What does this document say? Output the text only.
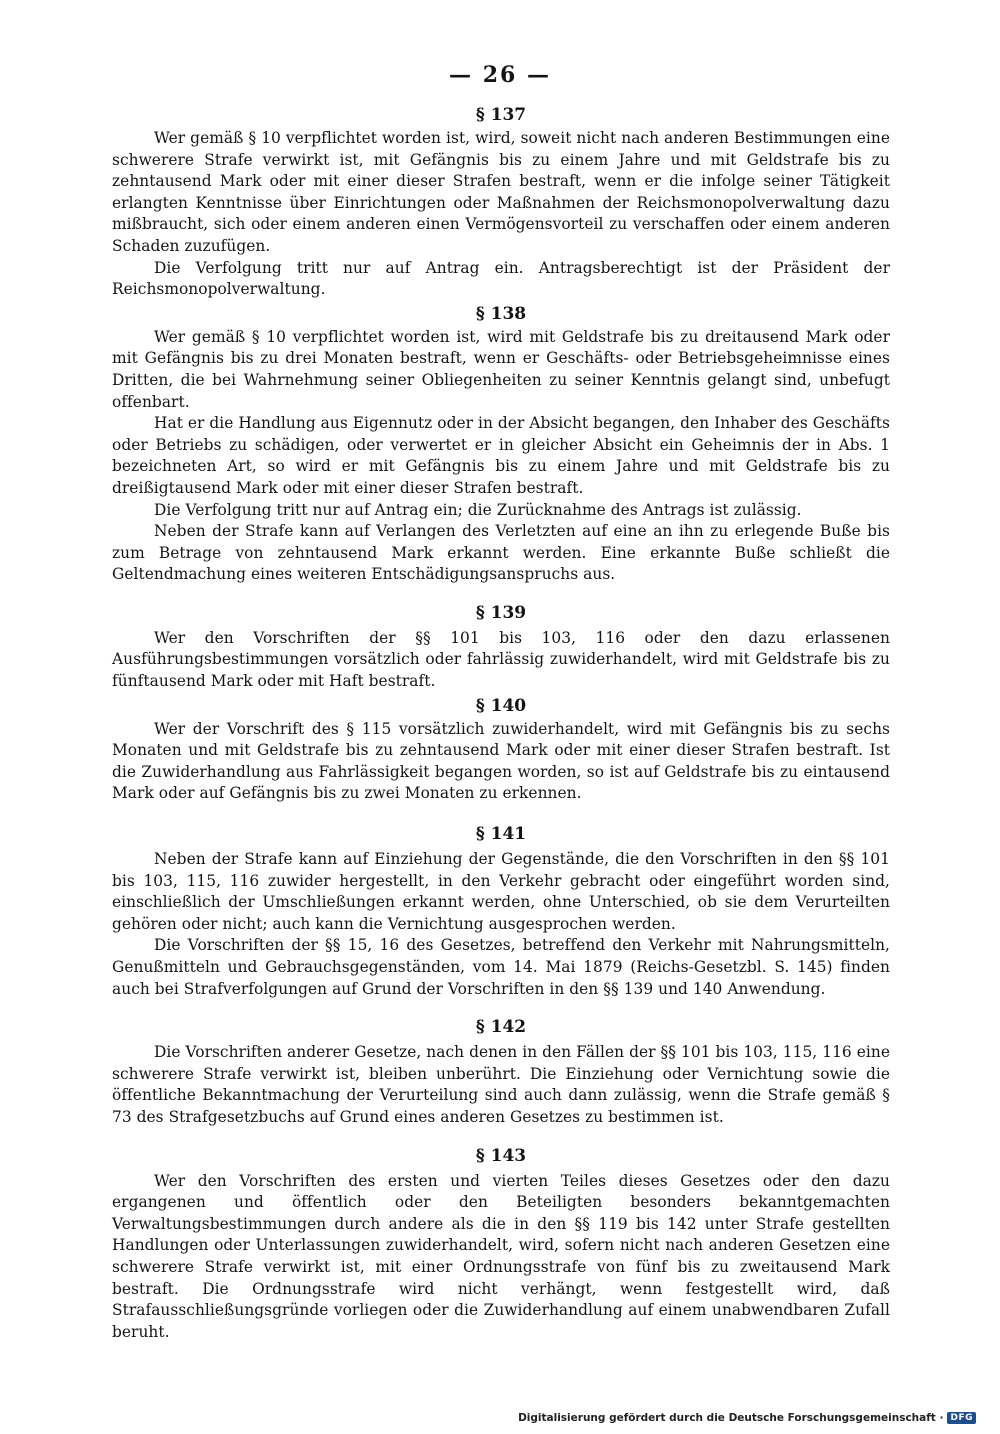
— 26 —
§ 137

Wer gemäß § 10 verpflichtet worden ist, wird, soweit nicht nach anderen Bestimmungen eine schwerere Strafe verwirkt ist, mit Gefängnis bis zu einem Jahre und mit Geldstrafe bis zu zehntausend Mark oder mit einer dieser Strafen bestraft, wenn er die infolge seiner Tätigkeit erlangten Kenntnisse über Einrichtungen oder Maßnahmen der Reichsmonopolverwaltung dazu mißbraucht, sich oder einem anderen einen Vermögensvorteil zu verschaffen oder einem anderen Schaden zuzufügen.

Die Verfolgung tritt nur auf Antrag ein. Antragsberechtigt ist der Präsident der Reichsmonopolverwaltung.

§ 138

Wer gemäß § 10 verpflichtet worden ist, wird mit Geldstrafe bis zu dreitausend Mark oder mit Gefängnis bis zu drei Monaten bestraft, wenn er Geschäfts- oder Betriebsgeheimnisse eines Dritten, die bei Wahrnehmung seiner Obliegenheiten zu seiner Kenntnis gelangt sind, unbefugt offenbart.

Hat er die Handlung aus Eigennutz oder in der Absicht begangen, den Inhaber des Geschäfts oder Betriebs zu schädigen, oder verwertet er in gleicher Absicht ein Geheimnis der in Abs. 1 bezeichneten Art, so wird er mit Gefängnis bis zu einem Jahre und mit Geldstrafe bis zu dreißigtausend Mark oder mit einer dieser Strafen bestraft.

Die Verfolgung tritt nur auf Antrag ein; die Zurücknahme des Antrags ist zulässig.

Neben der Strafe kann auf Verlangen des Verletzten auf eine an ihn zu erlegende Buße bis zum Betrage von zehntausend Mark erkannt werden. Eine erkannte Buße schließt die Geltendmachung eines weiteren Entschädigungsanspruchs aus.

§ 139

Wer den Vorschriften der §§ 101 bis 103, 116 oder den dazu erlassenen Ausführungsbestimmungen vorsätzlich oder fahrlässig zuwiderhandelt, wird mit Geldstrafe bis zu fünftausend Mark oder mit Haft bestraft.

§ 140

Wer der Vorschrift des § 115 vorsätzlich zuwiderhandelt, wird mit Gefängnis bis zu sechs Monaten und mit Geldstrafe bis zu zehntausend Mark oder mit einer dieser Strafen bestraft. Ist die Zuwiderhandlung aus Fahrlässigkeit begangen worden, so ist auf Geldstrafe bis zu eintausend Mark oder auf Gefängnis bis zu zwei Monaten zu erkennen.

§ 141

Neben der Strafe kann auf Einziehung der Gegenstände, die den Vorschriften in den §§ 101 bis 103, 115, 116 zuwider hergestellt, in den Verkehr gebracht oder eingeführt worden sind, einschließlich der Umschließungen erkannt werden, ohne Unterschied, ob sie dem Verurteilten gehören oder nicht; auch kann die Vernichtung ausgesprochen werden.

Die Vorschriften der §§ 15, 16 des Gesetzes, betreffend den Verkehr mit Nahrungsmitteln, Genußmitteln und Gebrauchsgegenständen, vom 14. Mai 1879 (Reichs-Gesetzbl. S. 145) finden auch bei Strafverfolgungen auf Grund der Vorschriften in den §§ 139 und 140 Anwendung.

§ 142

Die Vorschriften anderer Gesetze, nach denen in den Fällen der §§ 101 bis 103, 115, 116 eine schwerere Strafe verwirkt ist, bleiben unberührt. Die Einziehung oder Vernichtung sowie die öffentliche Bekanntmachung der Verurteilung sind auch dann zulässig, wenn die Strafe gemäß § 73 des Strafgesetzbuchs auf Grund eines anderen Gesetzes zu bestimmen ist.

§ 143

Wer den Vorschriften des ersten und vierten Teiles dieses Gesetzes oder den dazu ergangenen und öffentlich oder den Beteiligten besonders bekanntgemachten Verwaltungsbestimmungen durch andere als die in den §§ 119 bis 142 unter Strafe gestellten Handlungen oder Unterlassungen zuwiderhandelt, wird, sofern nicht nach anderen Gesetzen eine schwerere Strafe verwirkt ist, mit einer Ordnungsstrafe von fünf bis zu zweitausend Mark bestraft. Die Ordnungsstrafe wird nicht verhängt, wenn festgestellt wird, daß Strafausschließungsgründe vorliegen oder die Zuwiderhandlung auf einem unabwendbaren Zufall beruht.

Digitalisierung gefördert durch die Deutsche Forschungsgemeinschaft · DFG
